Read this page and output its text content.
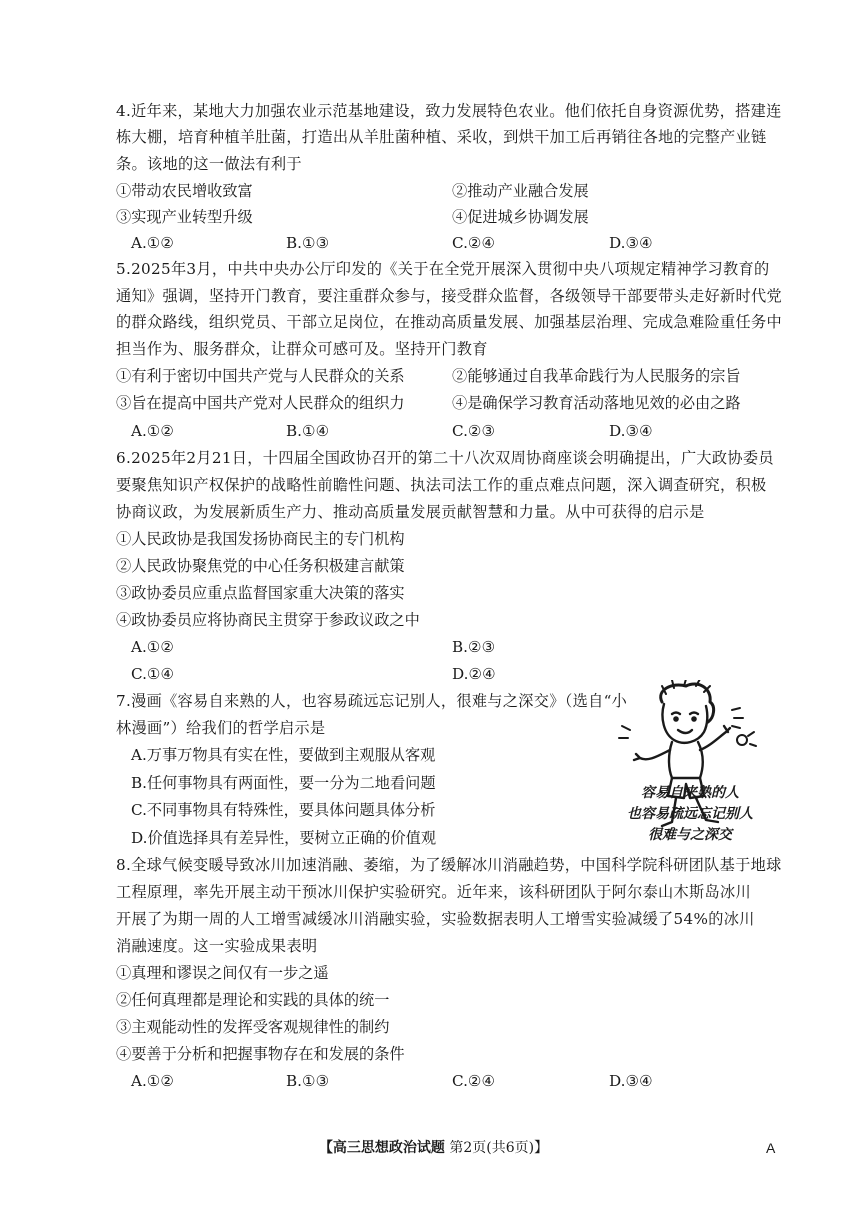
4.近年来，某地大力加强农业示范基地建设，致力发展特色农业。他们依托自身资源优势，搭建连
栋大棚，培育种植羊肚菌，打造出从羊肚菌种植、采收，到烘干加工后再销往各地的完整产业链
条。该地的这一做法有利于
①带动农民增收致富	②推动产业融合发展
③实现产业转型升级	④促进城乡协调发展
A.①②	B.①③	C.②④	D.③④
5.2025年3月，中共中央办公厅印发的《关于在全党开展深入贯彻中央八项规定精神学习教育的
通知》强调，坚持开门教育，要注重群众参与，接受群众监督，各级领导干部要带头走好新时代党
的群众路线，组织党员、干部立足岗位，在推动高质量发展、加强基层治理、完成急难险重任务中
担当作为、服务群众，让群众可感可及。坚持开门教育
①有利于密切中国共产党与人民群众的关系	②能够通过自我革命践行为人民服务的宗旨
③旨在提高中国共产党对人民群众的组织力	④是确保学习教育活动落地见效的必由之路
A.①②	B.①④	C.②③	D.③④
6.2025年2月21日，十四届全国政协召开的第二十八次双周协商座谈会明确提出，广大政协委员
要聚焦知识产权保护的战略性前瞻性问题、执法司法工作的重点难点问题，深入调查研究，积极
协商议政，为发展新质生产力、推动高质量发展贡献智慧和力量。从中可获得的启示是
①人民政协是我国发扬协商民主的专门机构
②人民政协聚焦党的中心任务积极建言献策
③政协委员应重点监督国家重大决策的落实
④政协委员应将协商民主贯穿于参政议政之中
A.①②	B.②③
C.①④	D.②④
7.漫画《容易自来熟的人，也容易疏远忘记别人，很难与之深交》（选自“小
林漫画”）给我们的哲学启示是
A.万事万物具有实在性，要做到主观服从客观
B.任何事物具有两面性，要一分为二地看问题
C.不同事物具有特殊性，要具体问题具体分析
D.价值选择具有差异性，要树立正确的价值观
容易自来熟的人
也容易疏远忘记别人
很难与之深交
8.全球气候变暖导致冰川加速消融、萎缩，为了缓解冰川消融趋势，中国科学院科研团队基于地球
工程原理，率先开展主动干预冰川保护实验研究。近年来，该科研团队于阿尔泰山木斯岛冰川
开展了为期一周的人工增雪减缓冰川消融实验，实验数据表明人工增雪实验减缓了54%的冰川
消融速度。这一实验成果表明
①真理和谬误之间仅有一步之遥
②任何真理都是理论和实践的具体的统一
③主观能动性的发挥受客观规律性的制约
④要善于分析和把握事物存在和发展的条件
A.①②	B.①③	C.②④	D.③④
【高三思想政治试题 第2页(共6页)】	A
